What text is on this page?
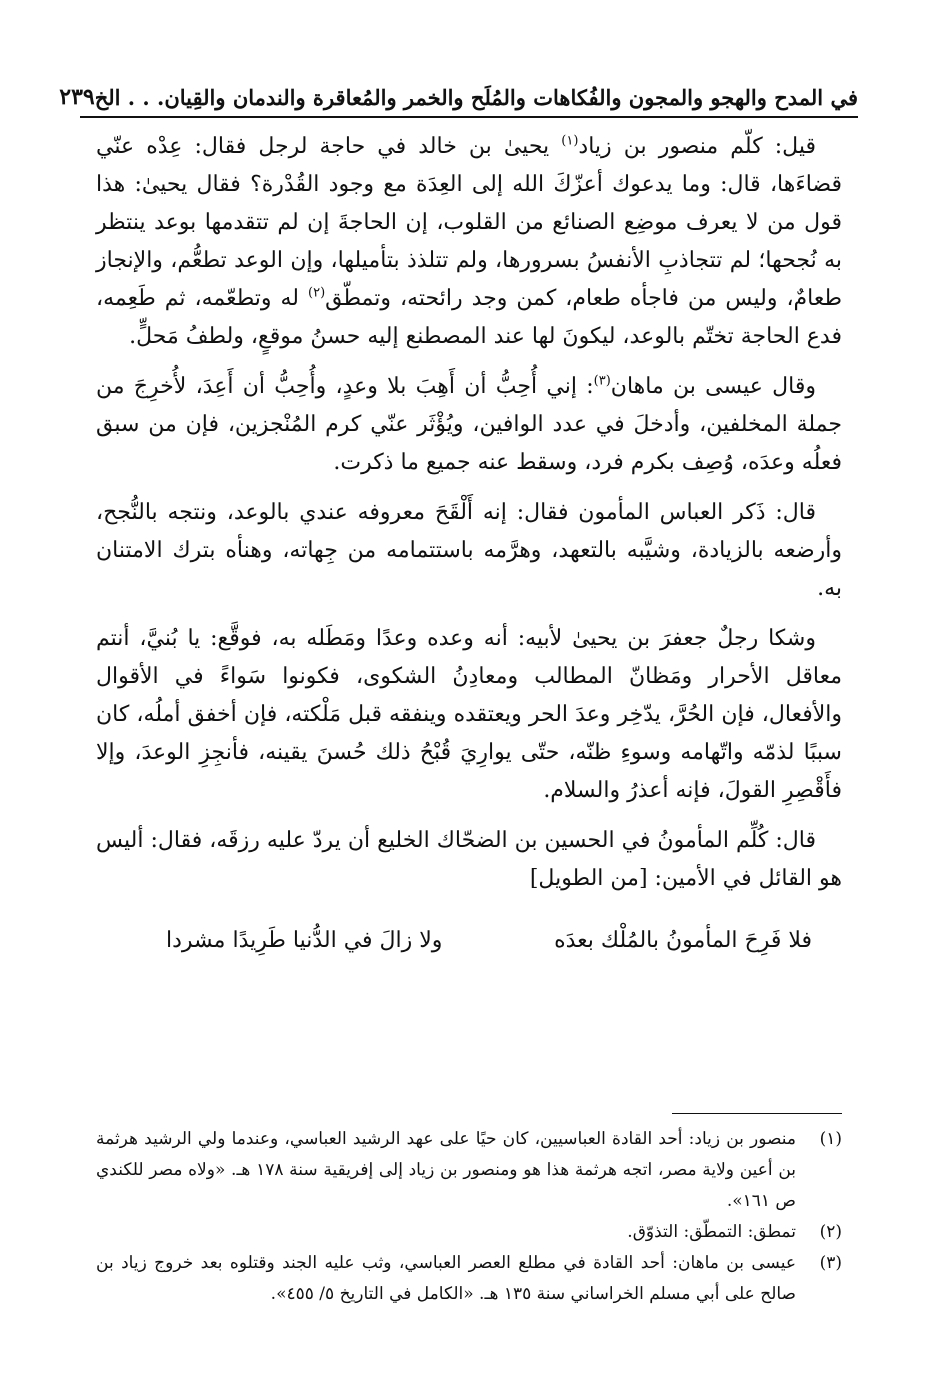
في المدح والهجو والمجون والفُكاهات والمُلَح والخمر والمُعاقرة والندمان والقِيان. . . الخ
٢٣٩

قيل: كلّم منصور بن زياد$^{(١)}$ يحيىٰ بن خالد في حاجة لرجل فقال: عِدْه عنّي قضاءَها، قال: وما يدعوك أعزّكَ الله إلى العِدَة مع وجود القُدْرة؟ فقال يحيىٰ: هذا قول من لا يعرف موضِع الصنائع من القلوب، إن الحاجةَ إن لم تتقدمها بوعد ينتظر به نُجحها؛ لم تتجاذبِ الأنفسُ بسرورها، ولم تتلذذ بتأميلها، وإن الوعد تطعُّم، والإنجاز طعامٌ، وليس من فاجأه طعام، كمن وجد رائحته، وتمطّق$^{(٢)}$ له وتطعّمه، ثم طَعِمه، فدع الحاجة تختّم بالوعد، ليكونَ لها عند المصطنع إليه حسنُ موقعٍ، ولطفُ مَحلٍّ.

وقال عيسى بن ماهان$^{(٣)}$: إني أُحِبُّ أن أَهِبَ بلا وعدٍ، وأُحِبُّ أن أَعِدَ، لأُخرِجَ من جملة المخلفين، وأدخلَ في عدد الوافين، ويُؤْثَر عنّي كرم المُنْجزين، فإن من سبق فعلُه وعدَه، وُصِف بكرم فرد، وسقط عنه جميع ما ذكرت.

قال: ذَكر العباس المأمون فقال: إنه أَلْقَحَ معروفه عندي بالوعد، ونتجه بالنُّجح، وأرضعه بالزيادة، وشيَّبه بالتعهد، وهرَّمه باستتمامه من جِهاته، وهنأه بترك الامتنان به.

وشكا رجلٌ جعفرَ بن يحيىٰ لأبيه: أنه وعده وعدًا ومَطَله به، فوقَّع: يا بُنيَّ، أنتم معاقل الأحرار ومَظانّ المطالب ومعادِنُ الشكوى، فكونوا سَواءً في الأقوال والأفعال، فإن الحُرَّ، يدّخِر وعدَ الحر ويعتقده وينفقه قبل مَلْكته، فإن أخفق أملُه، كان سببًا لذمّه واتّهامه وسوءِ ظنّه، حتّى يوارِيَ قُبْحُ ذلك حُسنَ يقينه، فأنجِزِ الوعدَ، وإلا فأَقْصِرِ القولَ، فإنه أعذرُ والسلام.

قال: كُلِّم المأمونُ في الحسين بن الضحّاك الخليع أن يردّ عليه رزقَه، فقال: أليس هو القائل في الأمين: [من الطويل]

فلا فَرِحَ المأمونُ بالمُلْك بعدَه
ولا زالَ في الدُّنيا طَرِيدًا مشردا
(١)
منصور بن زياد: أحد القادة العباسيين، كان حيًا على عهد الرشيد العباسي، وعندما ولي الرشيد هرثمة بن أعين ولاية مصر، اتجه هرثمة هذا هو ومنصور بن زياد إلى إفريقية سنة ١٧٨ هـ. «ولاه مصر للكندي ص ١٦١».
(٢)
تمطق: التمطّق: التذوّق.
(٣)
عيسى بن ماهان: أحد القادة في مطلع العصر العباسي، وثب عليه الجند وقتلوه بعد خروج زياد بن صالح على أبي مسلم الخراساني سنة ١٣٥ هـ. «الكامل في التاريخ ٥/ ٤٥٥».
